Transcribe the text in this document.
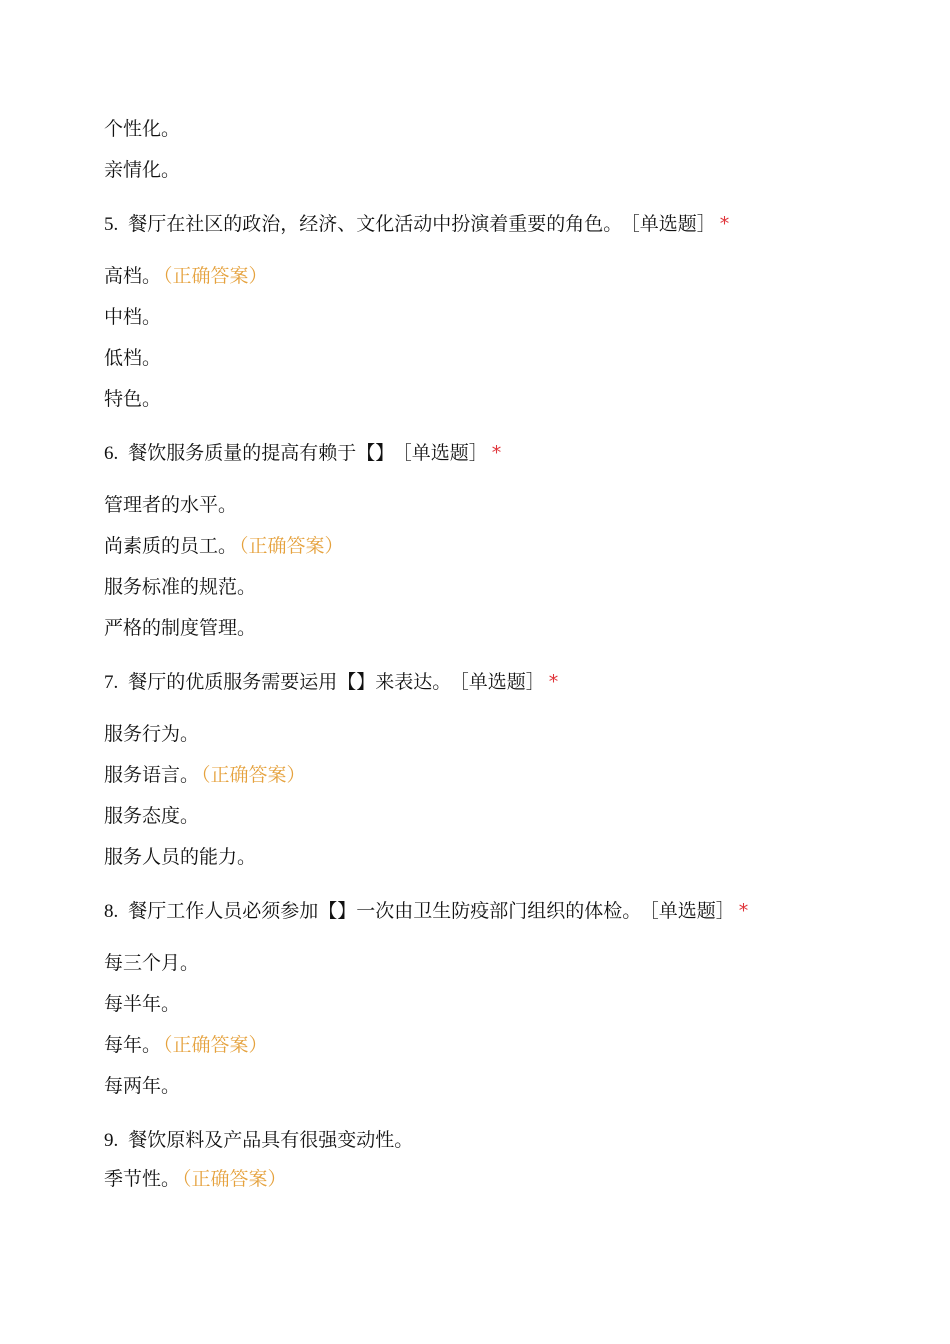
个性化。
亲情化。
5. 餐厅在社区的政治，经济、文化活动中扮演着重要的角色。 ［单选题］ *
高档。 （正确答案）
中档。
低档。
特色。
6. 餐饮服务质量的提高有赖于【】 ［单选题］ *
管理者的水平。
尚素质的员工。 （正确答案）
服务标准的规范。
严格的制度管理。
7. 餐厅的优质服务需要运用【】来表达。 ［单选题］ *
服务行为。
服务语言。 （正确答案）
服务态度。
服务人员的能力。
8. 餐厅工作人员必须参加【】一次由卫生防疫部门组织的体检。 ［单选题］ *
每三个月。
每半年。
每年。 （正确答案）
每两年。
9. 餐饮原料及产品具有很强变动性。
季节性。 （正确答案）
